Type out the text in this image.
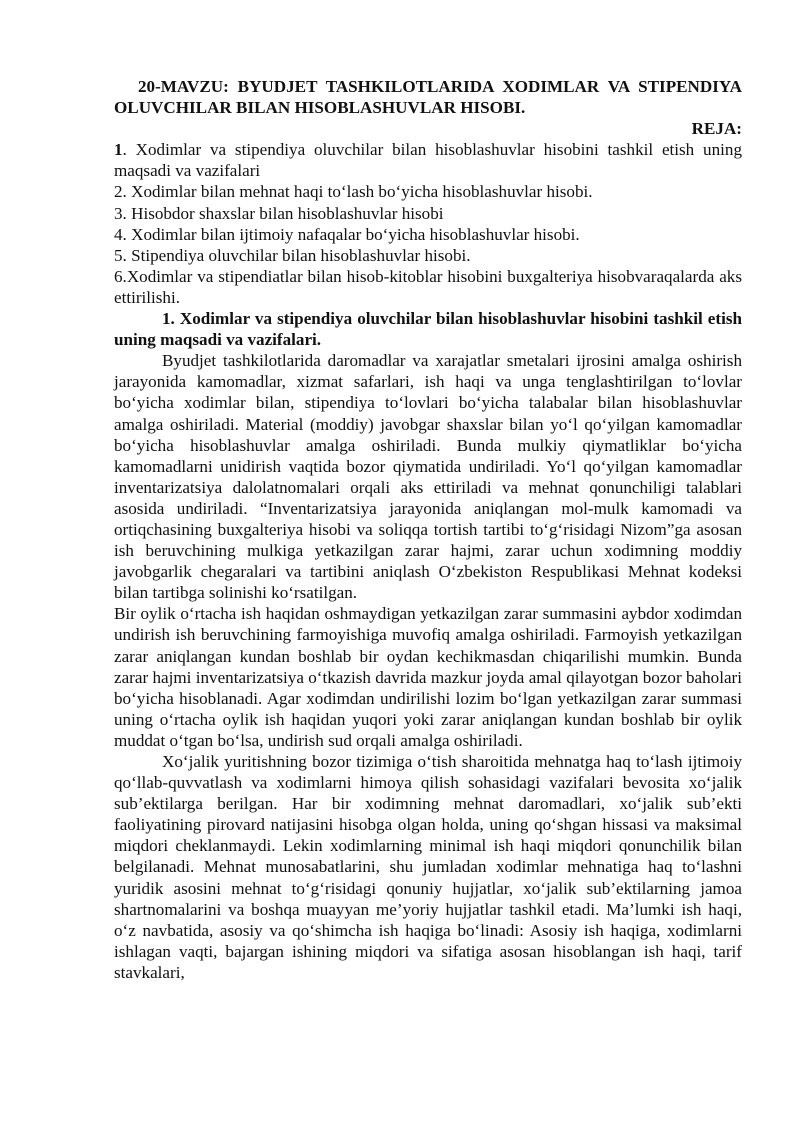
20-MAVZU: BYUDJET TASHKILOTLARIDA XODIMLAR VA STIPENDIYA OLUVCHILAR BILAN HISOBLASHUVLAR HISOBI.

REJA:

1. Xodimlar va stipendiya oluvchilar bilan hisoblashuvlar hisobini tashkil etish uning maqsadi va vazifalari

2. Xodimlar bilan mehnat haqi to‘lash bo‘yicha hisoblashuvlar hisobi.

3. Hisobdor shaxslar bilan hisoblashuvlar hisobi

4. Xodimlar bilan ijtimoiy nafaqalar bo‘yicha hisoblashuvlar hisobi.

5. Stipendiya oluvchilar bilan hisoblashuvlar hisobi.

6.Xodimlar va stipendiatlar bilan hisob-kitoblar hisobini buxgalteriya hisobvaraqalarda aks ettirilishi.

1. Xodimlar va stipendiya oluvchilar bilan hisoblashuvlar hisobini tashkil etish uning maqsadi va vazifalari.

Byudjet tashkilotlarida daromadlar va xarajatlar smetalari ijrosini amalga oshirish jarayonida kamomadlar, xizmat safarlari, ish haqi va unga tenglashtirilgan to‘lovlar bo‘yicha xodimlar bilan, stipendiya to‘lovlari bo‘yicha talabalar bilan hisoblashuvlar amalga oshiriladi. Material (moddiy) javobgar shaxslar bilan yo‘l qo‘yilgan kamomadlar bo‘yicha hisoblashuvlar amalga oshiriladi. Bunda mulkiy qiymatliklar bo‘yicha kamomadlarni unidirish vaqtida bozor qiymatida undiriladi. Yo‘l qo‘yilgan kamomadlar inventarizatsiya dalolatnomalari orqali aks ettiriladi va mehnat qonunchiligi talablari asosida undiriladi. “Inventarizatsiya jarayonida aniqlangan mol-mulk kamomadi va ortiqchasining buxgalteriya hisobi va soliqqa tortish tartibi to‘g‘risidagi Nizom”ga asosan ish beruvchining mulkiga yetkazilgan zarar hajmi, zarar uchun xodimning moddiy javobgarlik chegaralari va tartibini aniqlash O‘zbekiston Respublikasi Mehnat kodeksi bilan tartibga solinishi ko‘rsatilgan.

Bir oylik o‘rtacha ish haqidan oshmaydigan yetkazilgan zarar summasini aybdor xodimdan undirish ish beruvchining farmoyishiga muvofiq amalga oshiriladi. Farmoyish yetkazilgan zarar aniqlangan kundan boshlab bir oydan kechikmasdan chiqarilishi mumkin. Bunda zarar hajmi inventarizatsiya o‘tkazish davrida mazkur joyda amal qilayotgan bozor baholari bo‘yicha hisoblanadi. Agar xodimdan undirilishi lozim bo‘lgan yetkazilgan zarar summasi uning o‘rtacha oylik ish haqidan yuqori yoki zarar aniqlangan kundan boshlab bir oylik muddat o‘tgan bo‘lsa, undirish sud orqali amalga oshiriladi.

Xo‘jalik yuritishning bozor tizimiga o‘tish sharoitida mehnatga haq to‘lash ijtimoiy qo‘llab-quvvatlash va xodimlarni himoya qilish sohasidagi vazifalari bevosita xo‘jalik sub’ektilarga berilgan. Har bir xodimning mehnat daromadlari, xo‘jalik sub’ekti faoliyatining pirovard natijasini hisobga olgan holda, uning qo‘shgan hissasi va maksimal miqdori cheklanmaydi. Lekin xodimlarning minimal ish haqi miqdori qonunchilik bilan belgilanadi. Mehnat munosabatlarini, shu jumladan xodimlar mehnatiga haq to‘lashni yuridik asosini mehnat to‘g‘risidagi qonuniy hujjatlar, xo‘jalik sub’ektilarning jamoa shartnomalarini va boshqa muayyan me’yoriy hujjatlar tashkil etadi. Ma’lumki ish haqi, o‘z navbatida, asosiy va qo‘shimcha ish haqiga bo‘linadi: Asosiy ish haqiga, xodimlarni ishlagan vaqti, bajargan ishining miqdori va sifatiga asosan hisoblangan ish haqi, tarif stavkalari,
